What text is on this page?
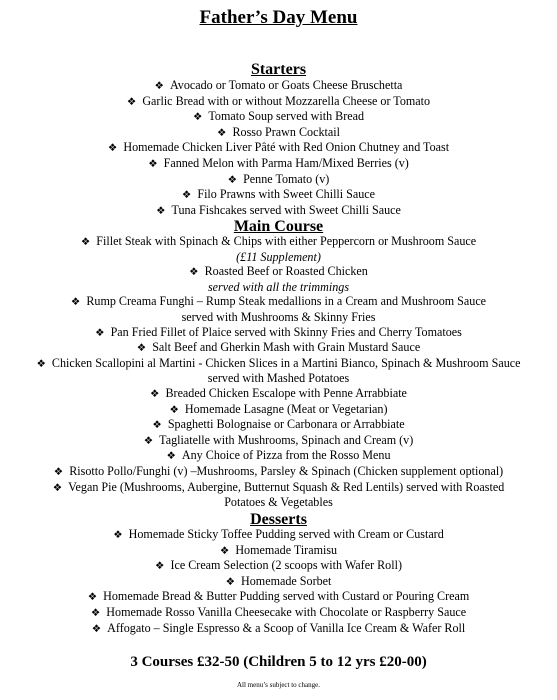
Father’s Day Menu
Starters
❖ Avocado or Tomato or Goats Cheese Bruschetta
❖ Garlic Bread with or without Mozzarella Cheese or Tomato
❖ Tomato Soup served with Bread
❖ Rosso Prawn Cocktail
❖ Homemade Chicken Liver Pâté with Red Onion Chutney and Toast
❖ Fanned Melon with Parma Ham/Mixed Berries (v)
❖ Penne Tomato (v)
❖ Filo Prawns with Sweet Chilli Sauce
❖ Tuna Fishcakes served with Sweet Chilli Sauce
Main Course
❖ Fillet Steak with Spinach & Chips with either Peppercorn or Mushroom Sauce
(£11 Supplement)
❖ Roasted Beef or Roasted Chicken
served with all the trimmings
❖ Rump Creama Funghi – Rump Steak medallions in a Cream and Mushroom Sauce
served with Mushrooms & Skinny Fries
❖ Pan Fried Fillet of Plaice served with Skinny Fries and Cherry Tomatoes
❖ Salt Beef and Gherkin Mash with Grain Mustard Sauce
❖ Chicken Scallopini al Martini - Chicken Slices in a Martini Bianco, Spinach & Mushroom Sauce
served with Mashed Potatoes
❖ Breaded Chicken Escalope with Penne Arrabbiate
❖ Homemade Lasagne (Meat or Vegetarian)
❖ Spaghetti Bolognaise or Carbonara or Arrabbiate
❖ Tagliatelle with Mushrooms, Spinach and Cream (v)
❖ Any Choice of Pizza from the Rosso Menu
❖ Risotto Pollo/Funghi (v) –Mushrooms, Parsley & Spinach (Chicken supplement optional)
❖ Vegan Pie (Mushrooms, Aubergine, Butternut Squash & Red Lentils) served with Roasted
Potatoes & Vegetables
Desserts
❖ Homemade Sticky Toffee Pudding served with Cream or Custard
❖ Homemade Tiramisu
❖ Ice Cream Selection (2 scoops with Wafer Roll)
❖ Homemade Sorbet
❖ Homemade Bread & Butter Pudding served with Custard or Pouring Cream
❖ Homemade Rosso Vanilla Cheesecake with Chocolate or Raspberry Sauce
❖ Affogato – Single Espresso & a Scoop of Vanilla Ice Cream & Wafer Roll
3 Courses £32-50 (Children 5 to 12 yrs £20-00)
All menu’s subject to change.
